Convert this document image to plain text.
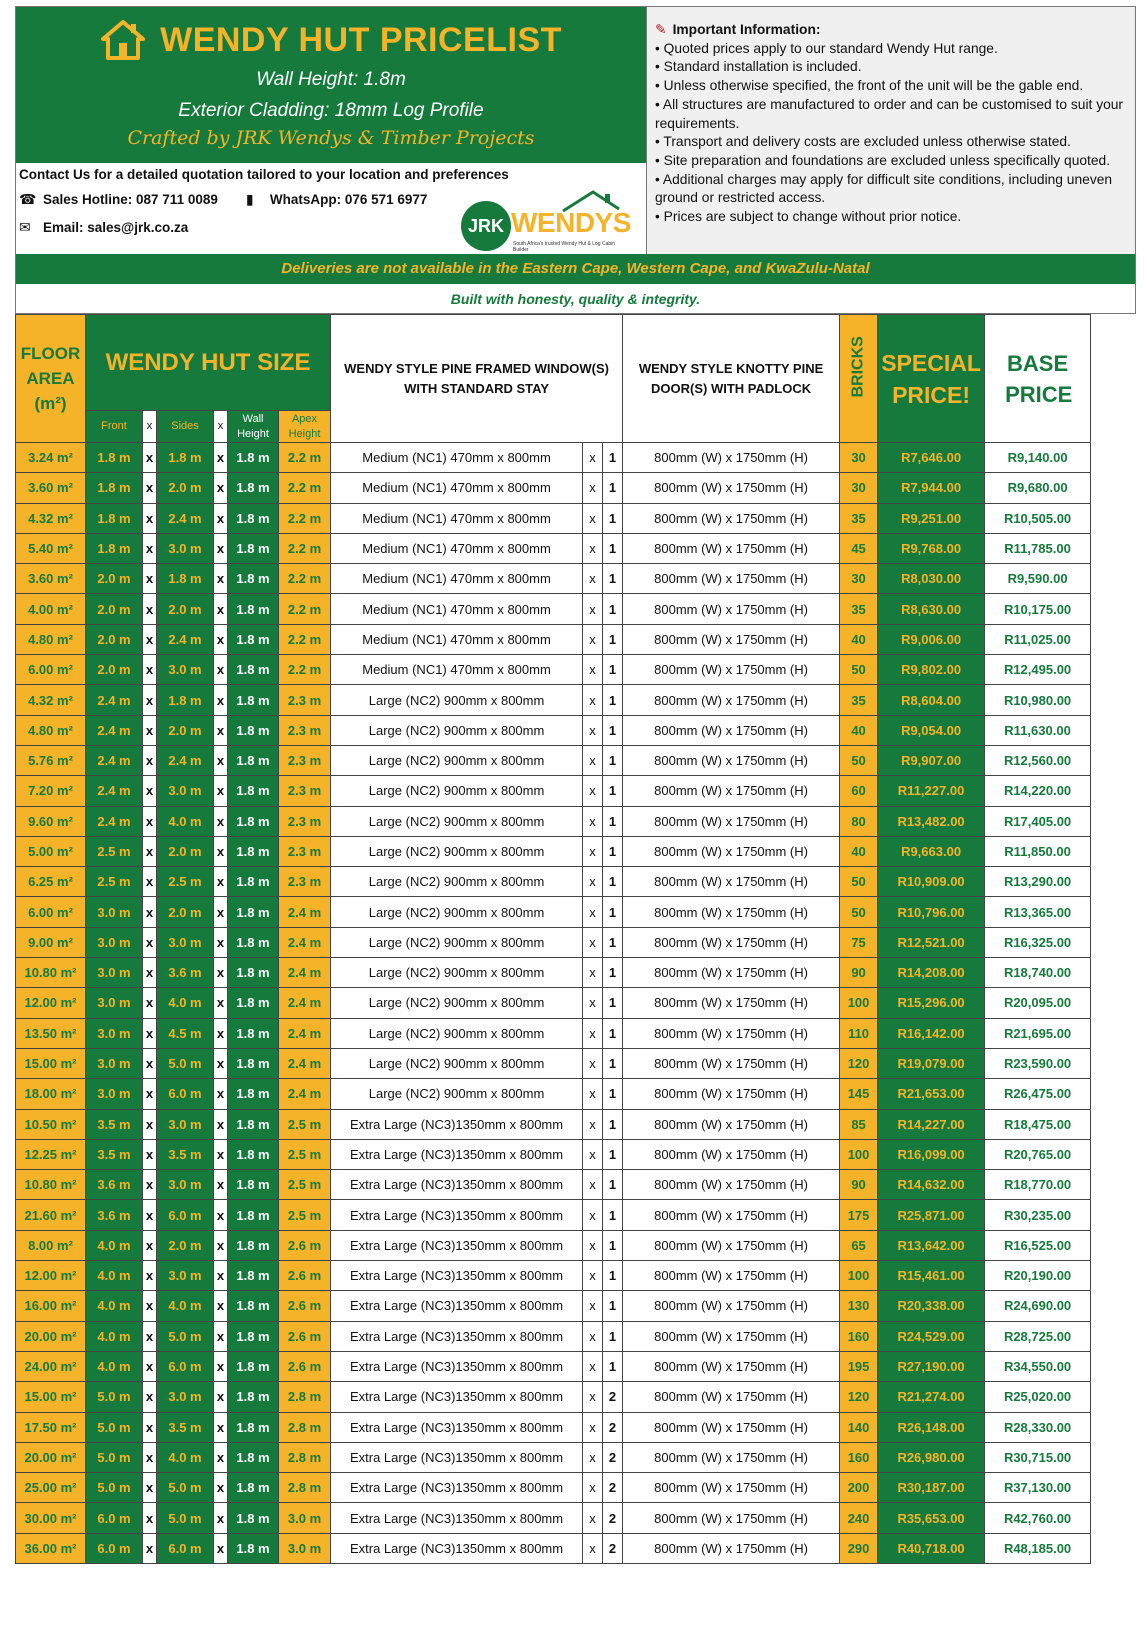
WENDY HUT PRICELIST
Wall Height: 1.8m
Exterior Cladding: 18mm Log Profile
Crafted by JRK Wendys & Timber Projects
Contact Us for a detailed quotation tailored to your location and preferences
☎ Sales Hotline: 087 711 0089 ▮	WhatsApp: 076 571 6977
✉ Email: sales@jrk.co.za	JRK WENDYS
South Africa's trusted Wendy Hut & Log Cabin Builder
✎ Important Information:
• Quoted prices apply to our standard Wendy Hut range.
• Standard installation is included.
• Unless otherwise specified, the front of the unit will be the gable end.
• All structures are manufactured to order and can be customised to suit your requirements.
• Transport and delivery costs are excluded unless otherwise stated.
• Site preparation and foundations are excluded unless specifically quoted.
• Additional charges may apply for difficult site conditions, including uneven ground or restricted access.
• Prices are subject to change without prior notice.
Deliveries are not available in the Eastern Cape, Western Cape, and KwaZulu-Natal
Built with honesty, quality & integrity.
FLOOR AREA (m²)	WENDY HUT SIZE						WENDY STYLE PINE FRAMED WINDOW(S) WITH STANDARD STAY			WENDY STYLE KNOTTY PINE DOOR(S) WITH PADLOCK	BRICKS	SPECIAL PRICE!	BASE PRICE
	Front	x	Sides	x	Wall Height	Apex Height							
3.24 m²	1.8 m	x	1.8 m	x	1.8 m	2.2 m	Medium (NC1) 470mm x 800mm	x	1	800mm (W) x 1750mm (H)	30	R7,646.00	R9,140.00
3.60 m²	1.8 m	x	2.0 m	x	1.8 m	2.2 m	Medium (NC1) 470mm x 800mm	x	1	800mm (W) x 1750mm (H)	30	R7,944.00	R9,680.00
4.32 m²	1.8 m	x	2.4 m	x	1.8 m	2.2 m	Medium (NC1) 470mm x 800mm	x	1	800mm (W) x 1750mm (H)	35	R9,251.00	R10,505.00
5.40 m²	1.8 m	x	3.0 m	x	1.8 m	2.2 m	Medium (NC1) 470mm x 800mm	x	1	800mm (W) x 1750mm (H)	45	R9,768.00	R11,785.00
3.60 m²	2.0 m	x	1.8 m	x	1.8 m	2.2 m	Medium (NC1) 470mm x 800mm	x	1	800mm (W) x 1750mm (H)	30	R8,030.00	R9,590.00
4.00 m²	2.0 m	x	2.0 m	x	1.8 m	2.2 m	Medium (NC1) 470mm x 800mm	x	1	800mm (W) x 1750mm (H)	35	R8,630.00	R10,175.00
4.80 m²	2.0 m	x	2.4 m	x	1.8 m	2.2 m	Medium (NC1) 470mm x 800mm	x	1	800mm (W) x 1750mm (H)	40	R9,006.00	R11,025.00
6.00 m²	2.0 m	x	3.0 m	x	1.8 m	2.2 m	Medium (NC1) 470mm x 800mm	x	1	800mm (W) x 1750mm (H)	50	R9,802.00	R12,495.00
4.32 m²	2.4 m	x	1.8 m	x	1.8 m	2.3 m	Large (NC2) 900mm x 800mm	x	1	800mm (W) x 1750mm (H)	35	R8,604.00	R10,980.00
4.80 m²	2.4 m	x	2.0 m	x	1.8 m	2.3 m	Large (NC2) 900mm x 800mm	x	1	800mm (W) x 1750mm (H)	40	R9,054.00	R11,630.00
5.76 m²	2.4 m	x	2.4 m	x	1.8 m	2.3 m	Large (NC2) 900mm x 800mm	x	1	800mm (W) x 1750mm (H)	50	R9,907.00	R12,560.00
7.20 m²	2.4 m	x	3.0 m	x	1.8 m	2.3 m	Large (NC2) 900mm x 800mm	x	1	800mm (W) x 1750mm (H)	60	R11,227.00	R14,220.00
9.60 m²	2.4 m	x	4.0 m	x	1.8 m	2.3 m	Large (NC2) 900mm x 800mm	x	1	800mm (W) x 1750mm (H)	80	R13,482.00	R17,405.00
5.00 m²	2.5 m	x	2.0 m	x	1.8 m	2.3 m	Large (NC2) 900mm x 800mm	x	1	800mm (W) x 1750mm (H)	40	R9,663.00	R11,850.00
6.25 m²	2.5 m	x	2.5 m	x	1.8 m	2.3 m	Large (NC2) 900mm x 800mm	x	1	800mm (W) x 1750mm (H)	50	R10,909.00	R13,290.00
6.00 m²	3.0 m	x	2.0 m	x	1.8 m	2.4 m	Large (NC2) 900mm x 800mm	x	1	800mm (W) x 1750mm (H)	50	R10,796.00	R13,365.00
9.00 m²	3.0 m	x	3.0 m	x	1.8 m	2.4 m	Large (NC2) 900mm x 800mm	x	1	800mm (W) x 1750mm (H)	75	R12,521.00	R16,325.00
10.80 m²	3.0 m	x	3.6 m	x	1.8 m	2.4 m	Large (NC2) 900mm x 800mm	x	1	800mm (W) x 1750mm (H)	90	R14,208.00	R18,740.00
12.00 m²	3.0 m	x	4.0 m	x	1.8 m	2.4 m	Large (NC2) 900mm x 800mm	x	1	800mm (W) x 1750mm (H)	100	R15,296.00	R20,095.00
13.50 m²	3.0 m	x	4.5 m	x	1.8 m	2.4 m	Large (NC2) 900mm x 800mm	x	1	800mm (W) x 1750mm (H)	110	R16,142.00	R21,695.00
15.00 m²	3.0 m	x	5.0 m	x	1.8 m	2.4 m	Large (NC2) 900mm x 800mm	x	1	800mm (W) x 1750mm (H)	120	R19,079.00	R23,590.00
18.00 m²	3.0 m	x	6.0 m	x	1.8 m	2.4 m	Large (NC2) 900mm x 800mm	x	1	800mm (W) x 1750mm (H)	145	R21,653.00	R26,475.00
10.50 m²	3.5 m	x	3.0 m	x	1.8 m	2.5 m	Extra Large (NC3)1350mm x 800mm	x	1	800mm (W) x 1750mm (H)	85	R14,227.00	R18,475.00
12.25 m²	3.5 m	x	3.5 m	x	1.8 m	2.5 m	Extra Large (NC3)1350mm x 800mm	x	1	800mm (W) x 1750mm (H)	100	R16,099.00	R20,765.00
10.80 m²	3.6 m	x	3.0 m	x	1.8 m	2.5 m	Extra Large (NC3)1350mm x 800mm	x	1	800mm (W) x 1750mm (H)	90	R14,632.00	R18,770.00
21.60 m²	3.6 m	x	6.0 m	x	1.8 m	2.5 m	Extra Large (NC3)1350mm x 800mm	x	1	800mm (W) x 1750mm (H)	175	R25,871.00	R30,235.00
8.00 m²	4.0 m	x	2.0 m	x	1.8 m	2.6 m	Extra Large (NC3)1350mm x 800mm	x	1	800mm (W) x 1750mm (H)	65	R13,642.00	R16,525.00
12.00 m²	4.0 m	x	3.0 m	x	1.8 m	2.6 m	Extra Large (NC3)1350mm x 800mm	x	1	800mm (W) x 1750mm (H)	100	R15,461.00	R20,190.00
16.00 m²	4.0 m	x	4.0 m	x	1.8 m	2.6 m	Extra Large (NC3)1350mm x 800mm	x	1	800mm (W) x 1750mm (H)	130	R20,338.00	R24,690.00
20.00 m²	4.0 m	x	5.0 m	x	1.8 m	2.6 m	Extra Large (NC3)1350mm x 800mm	x	1	800mm (W) x 1750mm (H)	160	R24,529.00	R28,725.00
24.00 m²	4.0 m	x	6.0 m	x	1.8 m	2.6 m	Extra Large (NC3)1350mm x 800mm	x	1	800mm (W) x 1750mm (H)	195	R27,190.00	R34,550.00
15.00 m²	5.0 m	x	3.0 m	x	1.8 m	2.8 m	Extra Large (NC3)1350mm x 800mm	x	2	800mm (W) x 1750mm (H)	120	R21,274.00	R25,020.00
17.50 m²	5.0 m	x	3.5 m	x	1.8 m	2.8 m	Extra Large (NC3)1350mm x 800mm	x	2	800mm (W) x 1750mm (H)	140	R26,148.00	R28,330.00
20.00 m²	5.0 m	x	4.0 m	x	1.8 m	2.8 m	Extra Large (NC3)1350mm x 800mm	x	2	800mm (W) x 1750mm (H)	160	R26,980.00	R30,715.00
25.00 m²	5.0 m	x	5.0 m	x	1.8 m	2.8 m	Extra Large (NC3)1350mm x 800mm	x	2	800mm (W) x 1750mm (H)	200	R30,187.00	R37,130.00
30.00 m²	6.0 m	x	5.0 m	x	1.8 m	3.0 m	Extra Large (NC3)1350mm x 800mm	x	2	800mm (W) x 1750mm (H)	240	R35,653.00	R42,760.00
36.00 m²	6.0 m	x	6.0 m	x	1.8 m	3.0 m	Extra Large (NC3)1350mm x 800mm	x	2	800mm (W) x 1750mm (H)	290	R40,718.00	R48,185.00
